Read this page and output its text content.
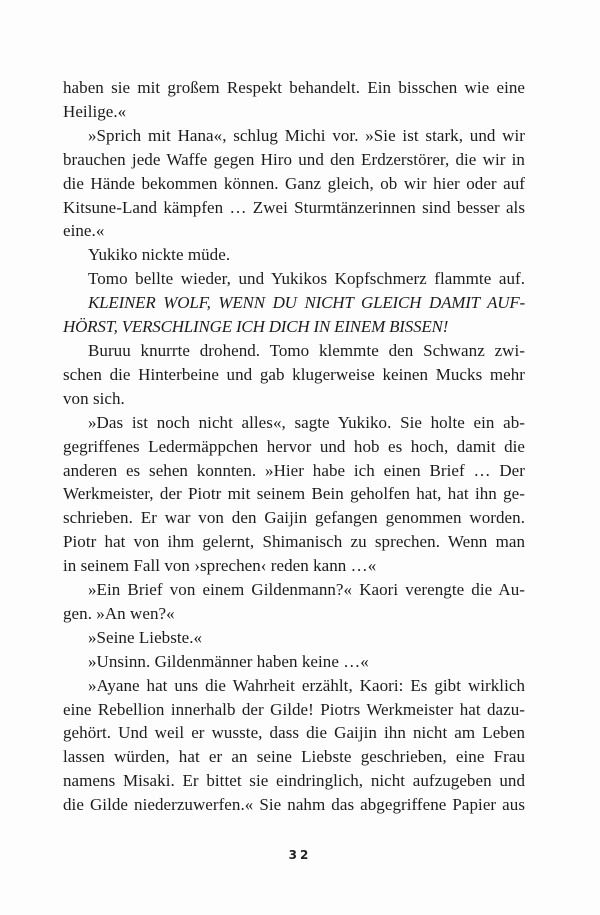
haben sie mit großem Respekt behandelt. Ein bisschen wie eine
Heilige.«
»Sprich mit Hana«, schlug Michi vor. »Sie ist stark, und wir
brauchen jede Waffe gegen Hiro und den Erdzerstörer, die wir in
die Hände bekommen können. Ganz gleich, ob wir hier oder auf
Kitsune-Land kämpfen … Zwei Sturmtänzerinnen sind besser als
eine.«
Yukiko nickte müde.
Tomo bellte wieder, und Yukikos Kopfschmerz flammte auf.
KLEINER WOLF, WENN DU NICHT GLEICH DAMIT AUF-
HÖRST, VERSCHLINGE ICH DICH IN EINEM BISSEN!
Buruu knurrte drohend. Tomo klemmte den Schwanz zwi-
schen die Hinterbeine und gab klugerweise keinen Mucks mehr
von sich.
»Das ist noch nicht alles«, sagte Yukiko. Sie holte ein ab-
gegriffenes Ledermäppchen hervor und hob es hoch, damit die
anderen es sehen konnten. »Hier habe ich einen Brief … Der
Werkmeister, der Piotr mit seinem Bein geholfen hat, hat ihn ge-
schrieben. Er war von den Gaijin gefangen genommen worden.
Piotr hat von ihm gelernt, Shimanisch zu sprechen. Wenn man
in seinem Fall von ›sprechen‹ reden kann …«
»Ein Brief von einem Gildenmann?« Kaori verengte die Au-
gen. »An wen?«
»Seine Liebste.«
»Unsinn. Gildenmänner haben keine …«
»Ayane hat uns die Wahrheit erzählt, Kaori: Es gibt wirklich
eine Rebellion innerhalb der Gilde! Piotrs Werkmeister hat dazu-
gehört. Und weil er wusste, dass die Gaijin ihn nicht am Leben
lassen würden, hat er an seine Liebste geschrieben, eine Frau
namens Misaki. Er bittet sie eindringlich, nicht aufzugeben und
die Gilde niederzuwerfen.« Sie nahm das abgegriffene Papier aus
32
